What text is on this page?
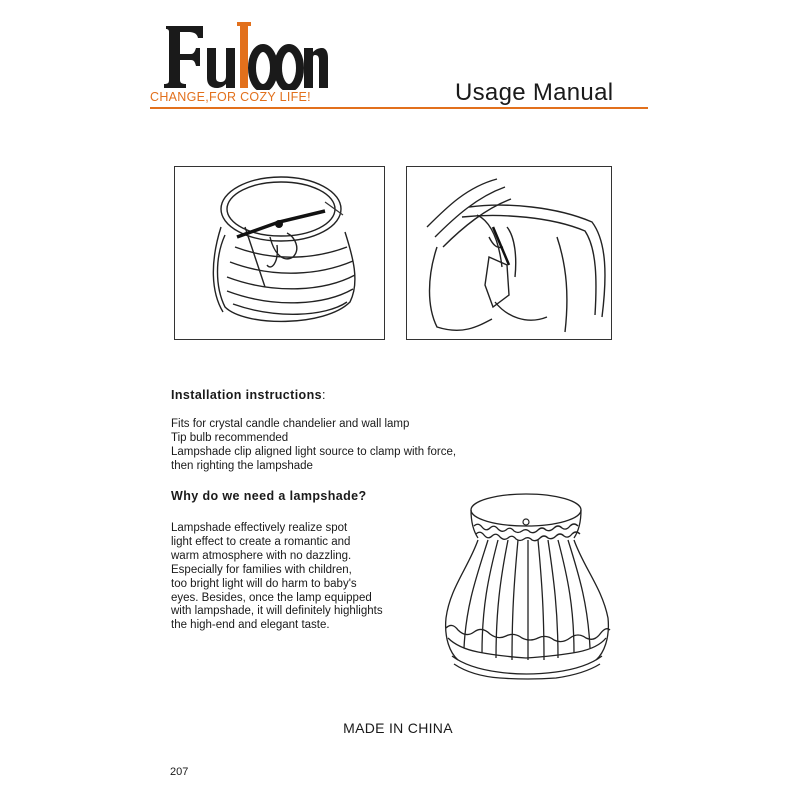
CHANGE,FOR COZY LIFE!	Usage Manual
Installation instructions:
Fits for crystal candle chandelier and wall lamp
Tip bulb recommended
Lampshade clip aligned light source to clamp with force,
then righting the lampshade
Why do we need a lampshade?
Lampshade effectively realize spot
light effect to create a romantic and
warm atmosphere with no dazzling.
Especially for families with children,
too bright light will do harm to baby's
eyes. Besides, once the lamp equipped
with lampshade, it will definitely highlights
the high-end and elegant taste.
MADE IN CHINA
207
